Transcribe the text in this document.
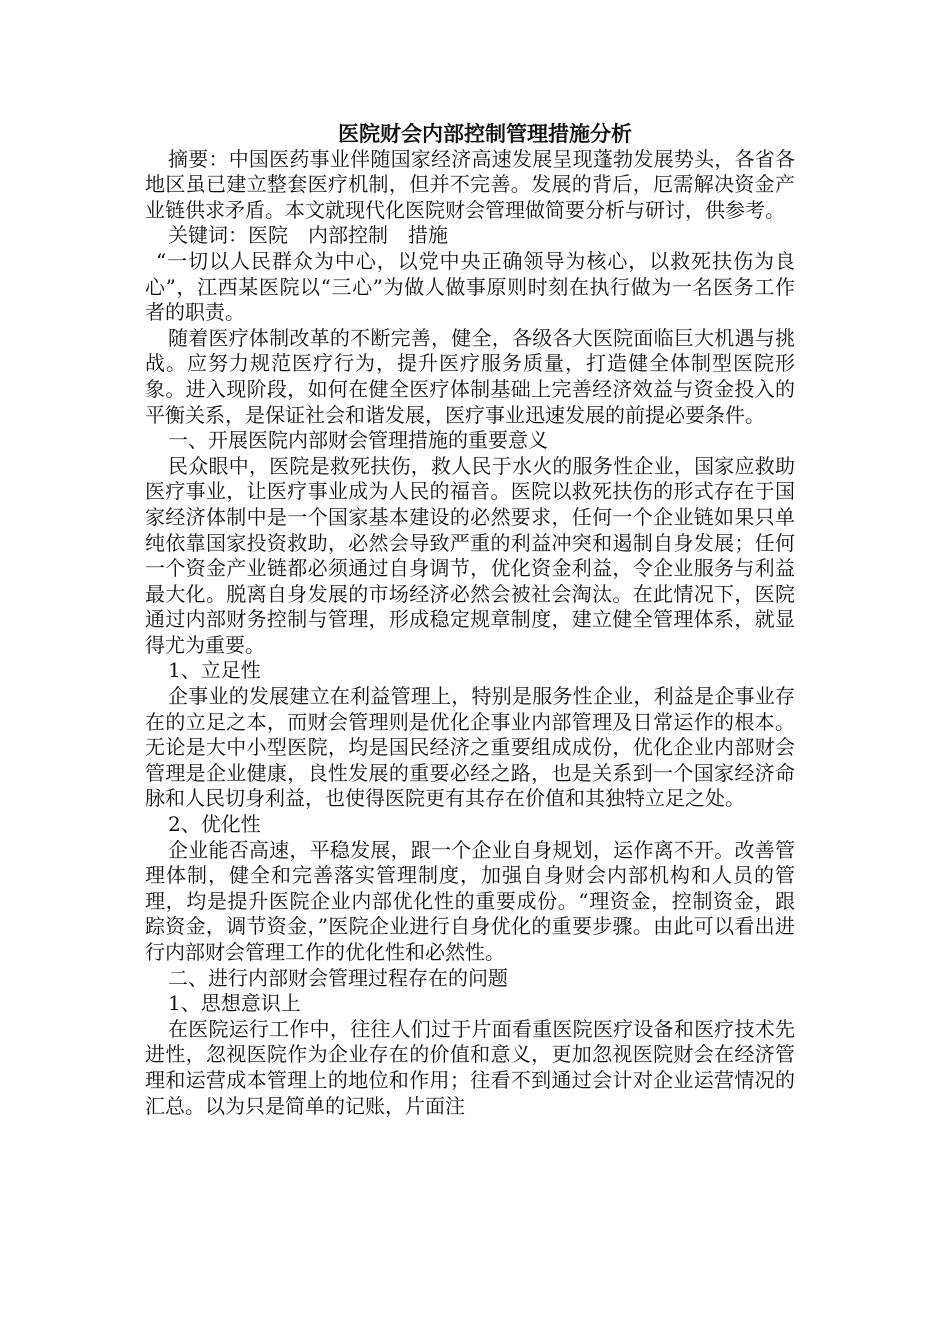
医院财会内部控制管理措施分析

摘要：中国医药事业伴随国家经济高速发展呈现蓬勃发展势头，各省各地区虽已建立整套医疗机制，但并不完善。发展的背后，厄需解决资金产业链供求矛盾。本文就现代化医院财会管理做简要分析与研讨，供参考。

关键词：医院　内部控制　措施

“一切以人民群众为中心，以党中央正确领导为核心，以救死扶伤为良心”，江西某医院以“三心”为做人做事原则时刻在执行做为一名医务工作者的职责。

随着医疗体制改革的不断完善，健全，各级各大医院面临巨大机遇与挑战。应努力规范医疗行为，提升医疗服务质量，打造健全体制型医院形象。进入现阶段，如何在健全医疗体制基础上完善经济效益与资金投入的平衡关系，是保证社会和谐发展，医疗事业迅速发展的前提必要条件。

一、开展医院内部财会管理措施的重要意义

民众眼中，医院是救死扶伤，救人民于水火的服务性企业，国家应救助医疗事业，让医疗事业成为人民的福音。医院以救死扶伤的形式存在于国家经济体制中是一个国家基本建设的必然要求，任何一个企业链如果只单纯依靠国家投资救助，必然会导致严重的利益冲突和遏制自身发展；任何一个资金产业链都必须通过自身调节，优化资金利益，令企业服务与利益最大化。脱离自身发展的市场经济必然会被社会淘汰。在此情况下，医院通过内部财务控制与管理，形成稳定规章制度，建立健全管理体系，就显得尤为重要。

1、立足性

企事业的发展建立在利益管理上，特别是服务性企业，利益是企事业存在的立足之本，而财会管理则是优化企事业内部管理及日常运作的根本。无论是大中小型医院，均是国民经济之重要组成成份，优化企业内部财会管理是企业健康，良性发展的重要必经之路，也是关系到一个国家经济命脉和人民切身利益，也使得医院更有其存在价值和其独特立足之处。

2、优化性

企业能否高速，平稳发展，跟一个企业自身规划，运作离不开。改善管理体制，健全和完善落实管理制度，加强自身财会内部机构和人员的管理，均是提升医院企业内部优化性的重要成份。“理资金，控制资金，跟踪资金，调节资金，”医院企业进行自身优化的重要步骤。由此可以看出进行内部财会管理工作的优化性和必然性。

二、进行内部财会管理过程存在的问题

1、思想意识上

在医院运行工作中，往往人们过于片面看重医院医疗设备和医疗技术先进性，忽视医院作为企业存在的价值和意义，更加忽视医院财会在经济管理和运营成本管理上的地位和作用；往看不到通过会计对企业运营情况的汇总。以为只是简单的记账，片面注
